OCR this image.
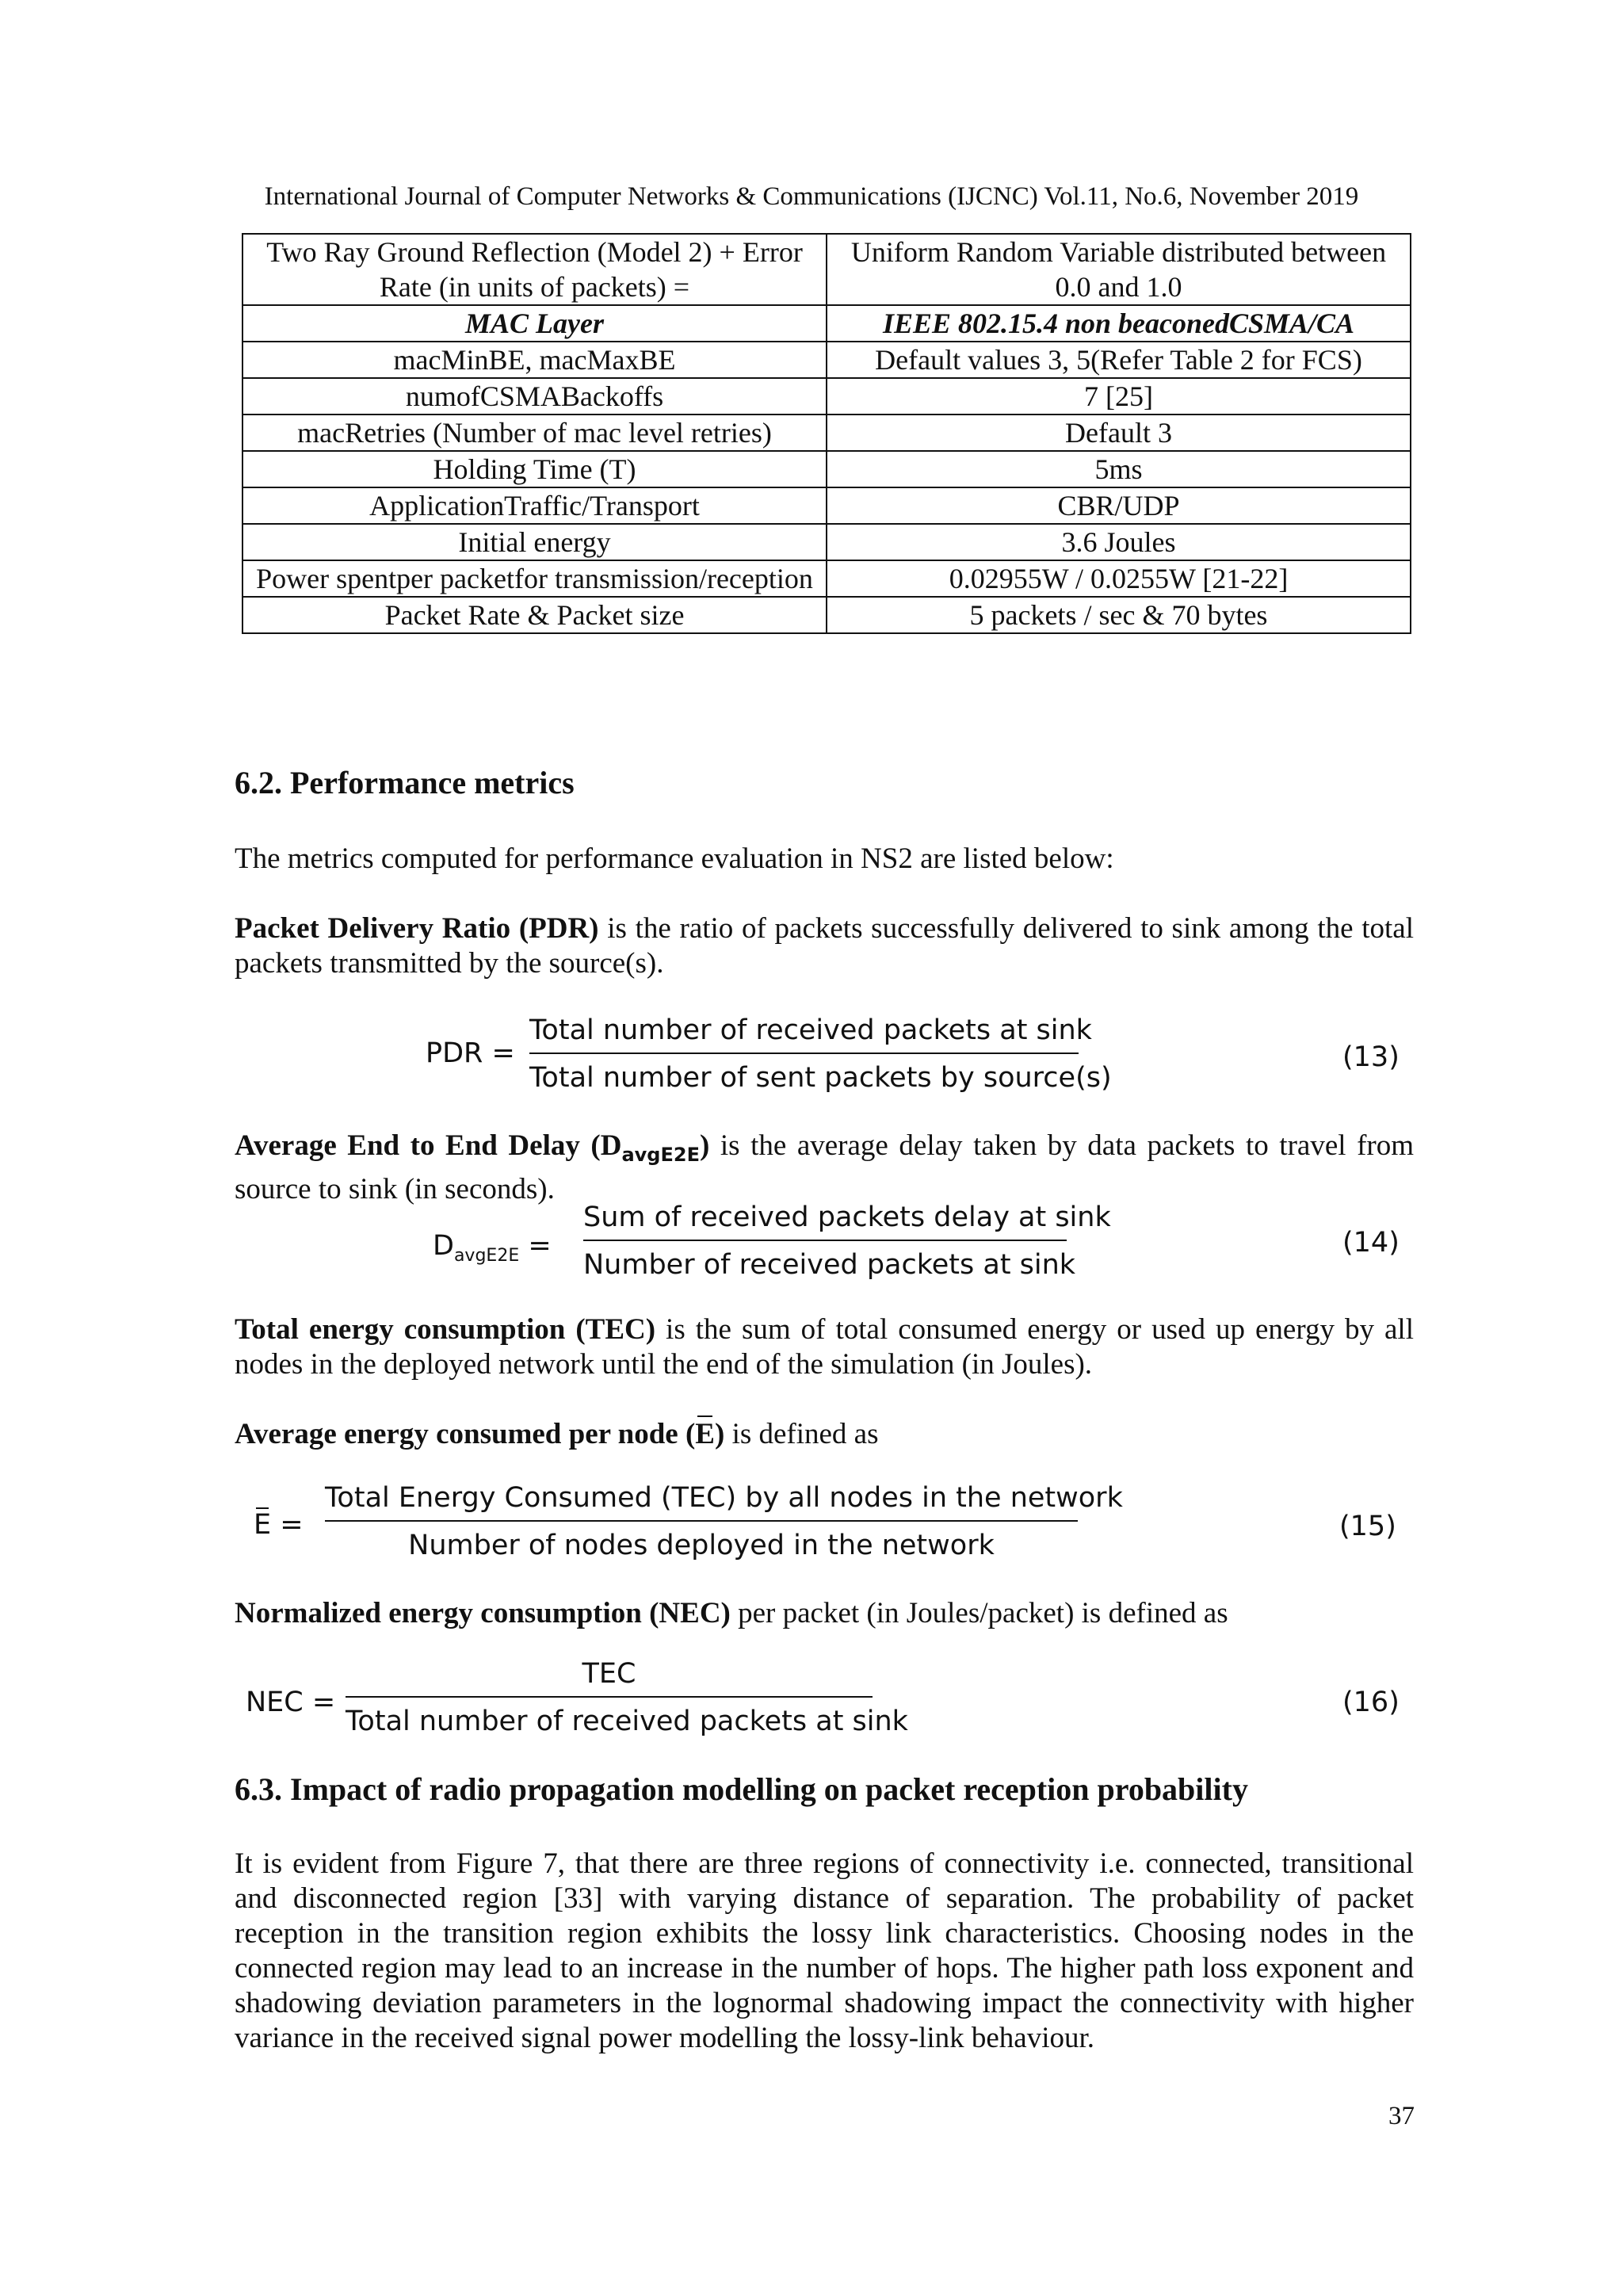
International Journal of Computer Networks & Communications (IJCNC) Vol.11, No.6, November 2019
Two Ray Ground Reflection (Model 2) + Error Rate (in units of packets) =	Uniform Random Variable distributed between 0.0 and 1.0
MAC Layer	IEEE 802.15.4 non beaconedCSMA/CA
macMinBE, macMaxBE	Default values 3, 5(Refer Table 2 for FCS)
numofCSMABackoffs	7 [25]
macRetries (Number of mac level retries)	Default 3
Holding Time (T)	5ms
ApplicationTraffic/Transport	CBR/UDP
Initial energy	3.6 Joules
Power spentper packetfor transmission/reception	0.02955W / 0.0255W [21-22]
Packet Rate & Packet size	5 packets / sec & 70 bytes
6.2. Performance metrics
The metrics computed for performance evaluation in NS2 are listed below:
Packet Delivery Ratio (PDR) is the ratio of packets successfully delivered to sink among the total packets transmitted by the source(s).
PDR =
Total number of received packets at sink
Total number of sent packets by source(s)
(13)
Average End to End Delay $(D_{avgE2E})$ is the average delay taken by data packets to travel from source to sink (in seconds).
$D_{avgE2E}$ =
Sum of received packets delay at sink
Number of received packets at sink
(14)
Total energy consumption (TEC) is the sum of total consumed energy or used up energy by all nodes in the deployed network until the end of the simulation (in Joules).
Average energy consumed per node (E) is defined as
E =
Total Energy Consumed (TEC) by all nodes in the network
Number of nodes deployed in the network
(15)
Normalized energy consumption (NEC) per packet (in Joules/packet) is defined as
NEC =
TEC
Total number of received packets at sink
(16)
6.3. Impact of radio propagation modelling on packet reception probability
It is evident from Figure 7, that there are three regions of connectivity i.e. connected, transitional and disconnected region [33] with varying distance of separation. The probability of packet reception in the transition region exhibits the lossy link characteristics. Choosing nodes in the connected region may lead to an increase in the number of hops. The higher path loss exponent and shadowing deviation parameters in the lognormal shadowing impact the connectivity with higher variance in the received signal power modelling the lossy-link behaviour.
37
